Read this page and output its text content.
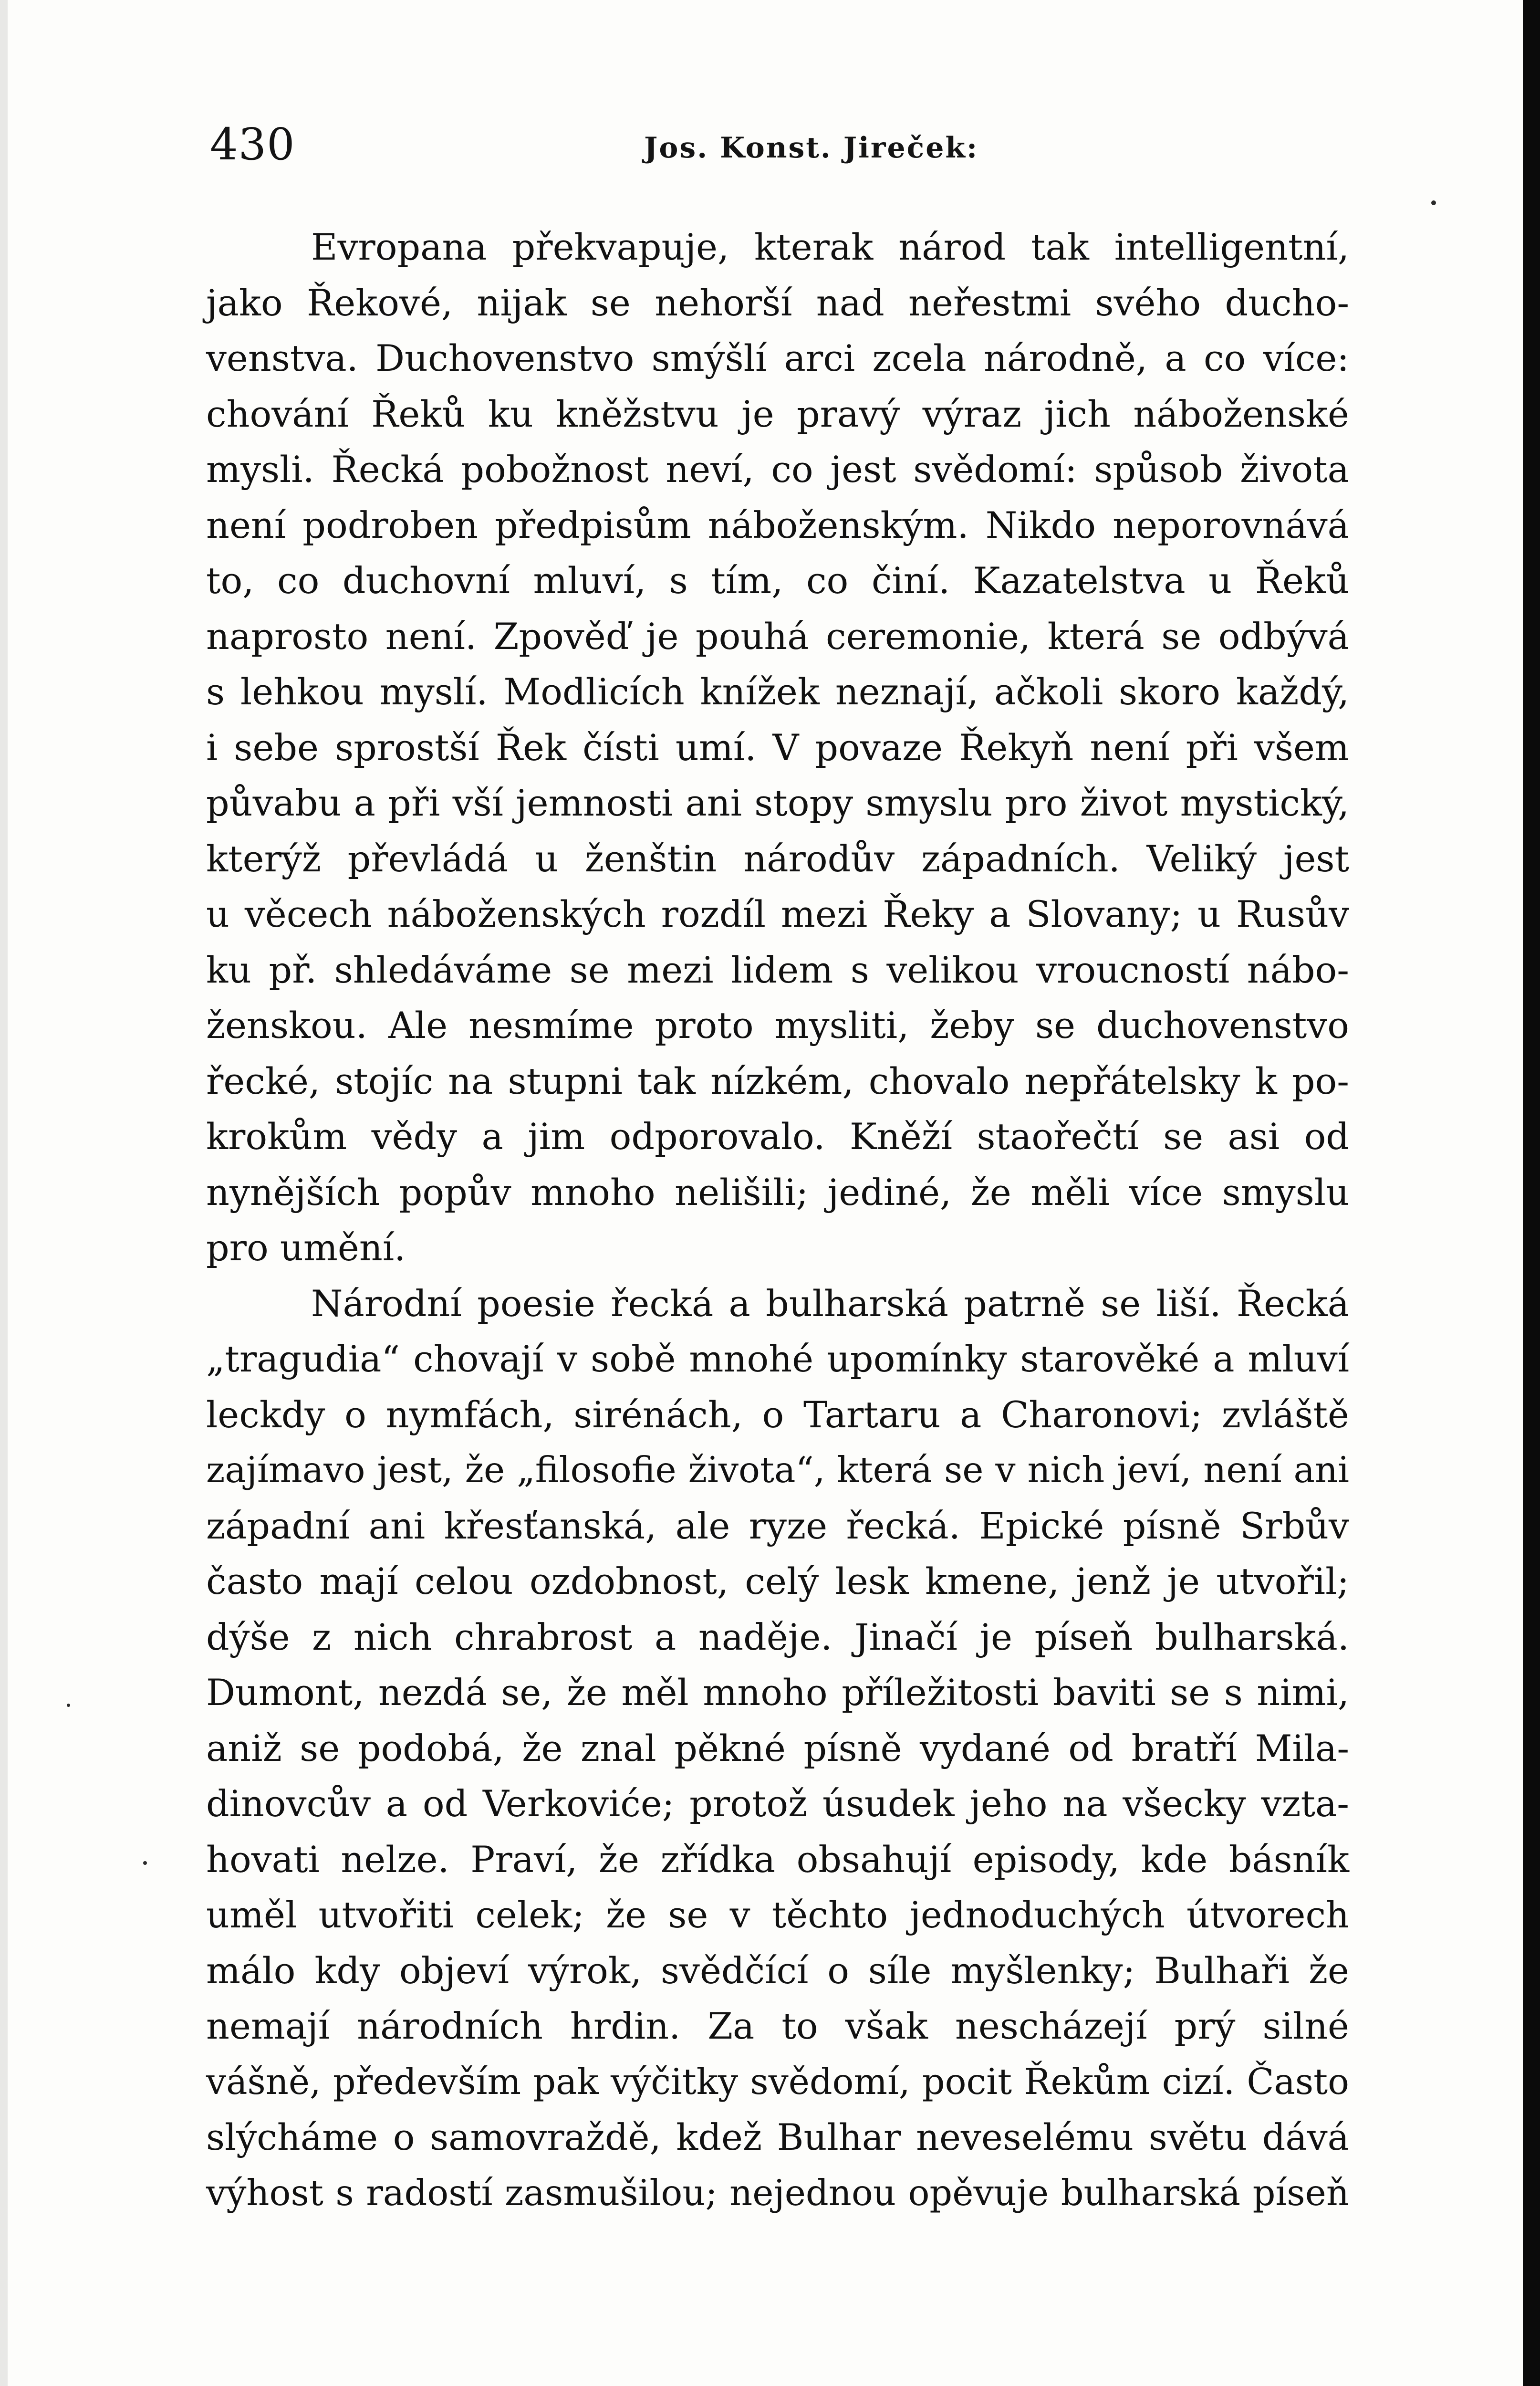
430	Jos. Konst. Jireček:
Evropana překvapuje, kterak národ tak intelligentní,
jako Řekové, nijak se nehorší nad neřestmi svého ducho-
venstva. Duchovenstvo smýšlí arci zcela národně, a co více:
chování Řeků ku kněžstvu je pravý výraz jich náboženské
mysli. Řecká pobožnost neví, co jest svědomí: spůsob života
není podroben předpisům náboženským. Nikdo neporovnává
to, co duchovní mluví, s tím, co činí. Kazatelstva u Řeků
naprosto není. Zpověď je pouhá ceremonie, která se odbývá
s lehkou myslí. Modlicích knížek neznají, ačkoli skoro každý,
i sebe sprostší Řek čísti umí. V povaze Řekyň není při všem
půvabu a při vší jemnosti ani stopy smyslu pro život mystický,
kterýž převládá u ženštin národův západních. Veliký jest
u věcech náboženských rozdíl mezi Řeky a Slovany; u Rusův
ku př. shledáváme se mezi lidem s velikou vroucností nábo-
ženskou. Ale nesmíme proto mysliti, žeby se duchovenstvo
řecké, stojíc na stupni tak nízkém, chovalo nepřátelsky k po-
krokům vědy a jim odporovalo. Kněží staořečtí se asi od
nynějších popův mnoho nelišili; jediné, že měli více smyslu
pro umění.
Národní poesie řecká a bulharská patrně se liší. Řecká
„tragudia“ chovají v sobě mnohé upomínky starověké a mluví
leckdy o nymfách, sirénách, o Tartaru a Charonovi; zvláště
zajímavo jest, že „filosofie života“, která se v nich jeví, není ani
západní ani křesťanská, ale ryze řecká. Epické písně Srbův
často mají celou ozdobnost, celý lesk kmene, jenž je utvořil;
dýše z nich chrabrost a naděje. Jinačí je píseň bulharská.
Dumont, nezdá se, že měl mnoho příležitosti baviti se s nimi,
aniž se podobá, že znal pěkné písně vydané od bratří Mila-
dinovcův a od Verkoviće; protož úsudek jeho na všecky vzta-
hovati nelze. Praví, že zřídka obsahují episody, kde básník
uměl utvořiti celek; že se v těchto jednoduchých útvorech
málo kdy objeví výrok, svědčící o síle myšlenky; Bulhaři že
nemají národních hrdin. Za to však nescházejí prý silné
vášně, především pak výčitky svědomí, pocit Řekům cizí. Často
slýcháme o samovraždě, kdež Bulhar neveselému světu dává
výhost s radostí zasmušilou; nejednou opěvuje bulharská píseň
